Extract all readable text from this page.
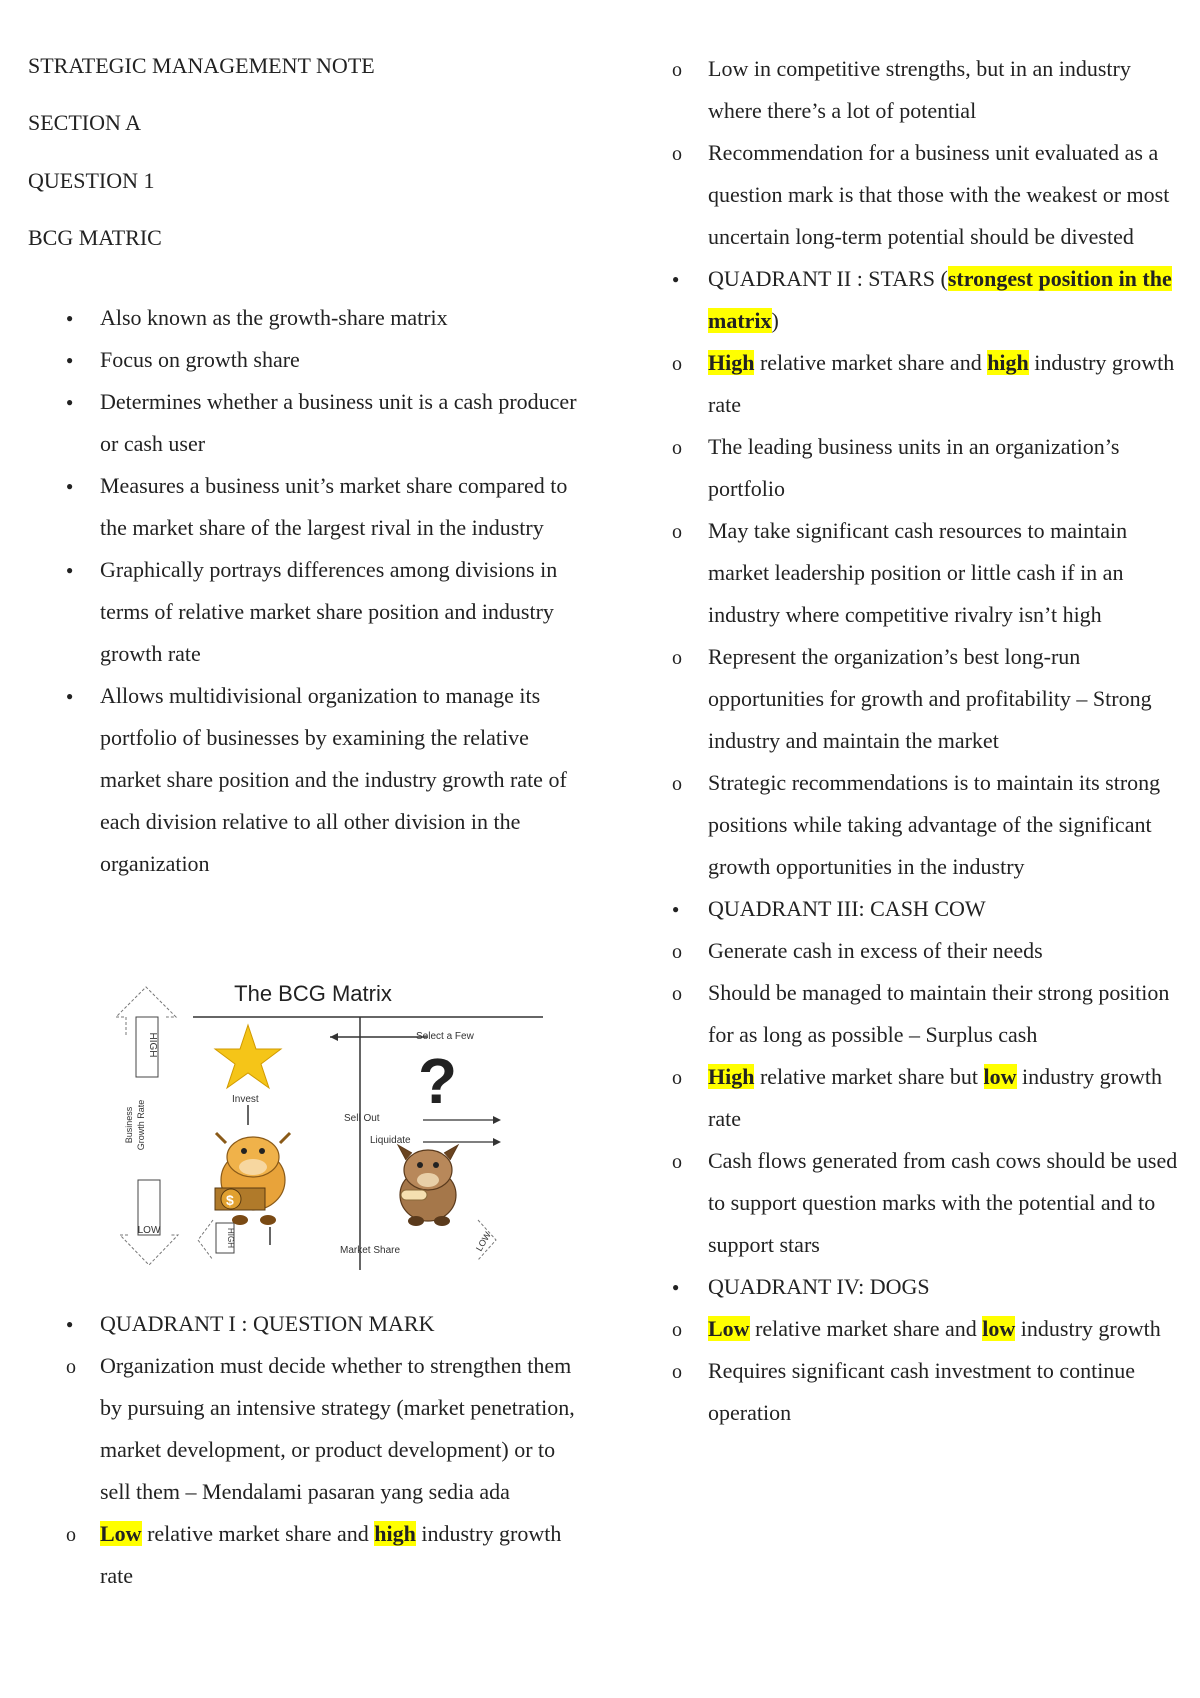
STRATEGIC MANAGEMENT NOTE
SECTION A
QUESTION 1
BCG MATRIC
●
Also known as the growth-share matrix
●
Focus on growth share
●
Determines whether a business unit is a cash producer or cash user
●
Measures a business unit’s market share compared to the market share of the largest rival in the industry
●
Graphically portrays differences among divisions in terms of relative market share position and industry growth rate
●
Allows multidivisional organization to manage its portfolio of businesses by examining the relative market share position and the industry growth rate of each division relative to all other division in the organization
The BCG Matrix
Select a Few
HIGH
LOW
Business Growth Rate
HIGH
Market Share	LOW
Invest ?
Sell Out
Liquidate
$
●
QUADRANT I : QUESTION MARK
o
Organization must decide whether to strengthen them by pursuing an intensive strategy (market penetration, market development, or product development) or to sell them – Mendalami pasaran yang sedia ada
o
Low relative market share and high industry growth rate
o
Low in competitive strengths, but in an industry where there’s a lot of potential
o
Recommendation for a business unit evaluated as a question mark is that those with the weakest or most uncertain long-term potential should be divested
●
QUADRANT II : STARS (strongest position in the matrix)
o
High relative market share and high industry growth rate
o
The leading business units in an organization’s portfolio
o
May take significant cash resources to maintain market leadership position or little cash if in an industry where competitive rivalry isn’t high
o
Represent the organization’s best long-run opportunities for growth and profitability – Strong industry and maintain the market
o
Strategic recommendations is to maintain its strong positions while taking advantage of the significant growth opportunities in the industry
●
QUADRANT III: CASH COW
o
Generate cash in excess of their needs
o
Should be managed to maintain their strong position for as long as possible – Surplus cash
o
High relative market share but low industry growth rate
o
Cash flows generated from cash cows should be used to support question marks with the potential and to support stars
●
QUADRANT IV: DOGS
o
Low relative market share and low industry growth
o
Requires significant cash investment to continue operation
